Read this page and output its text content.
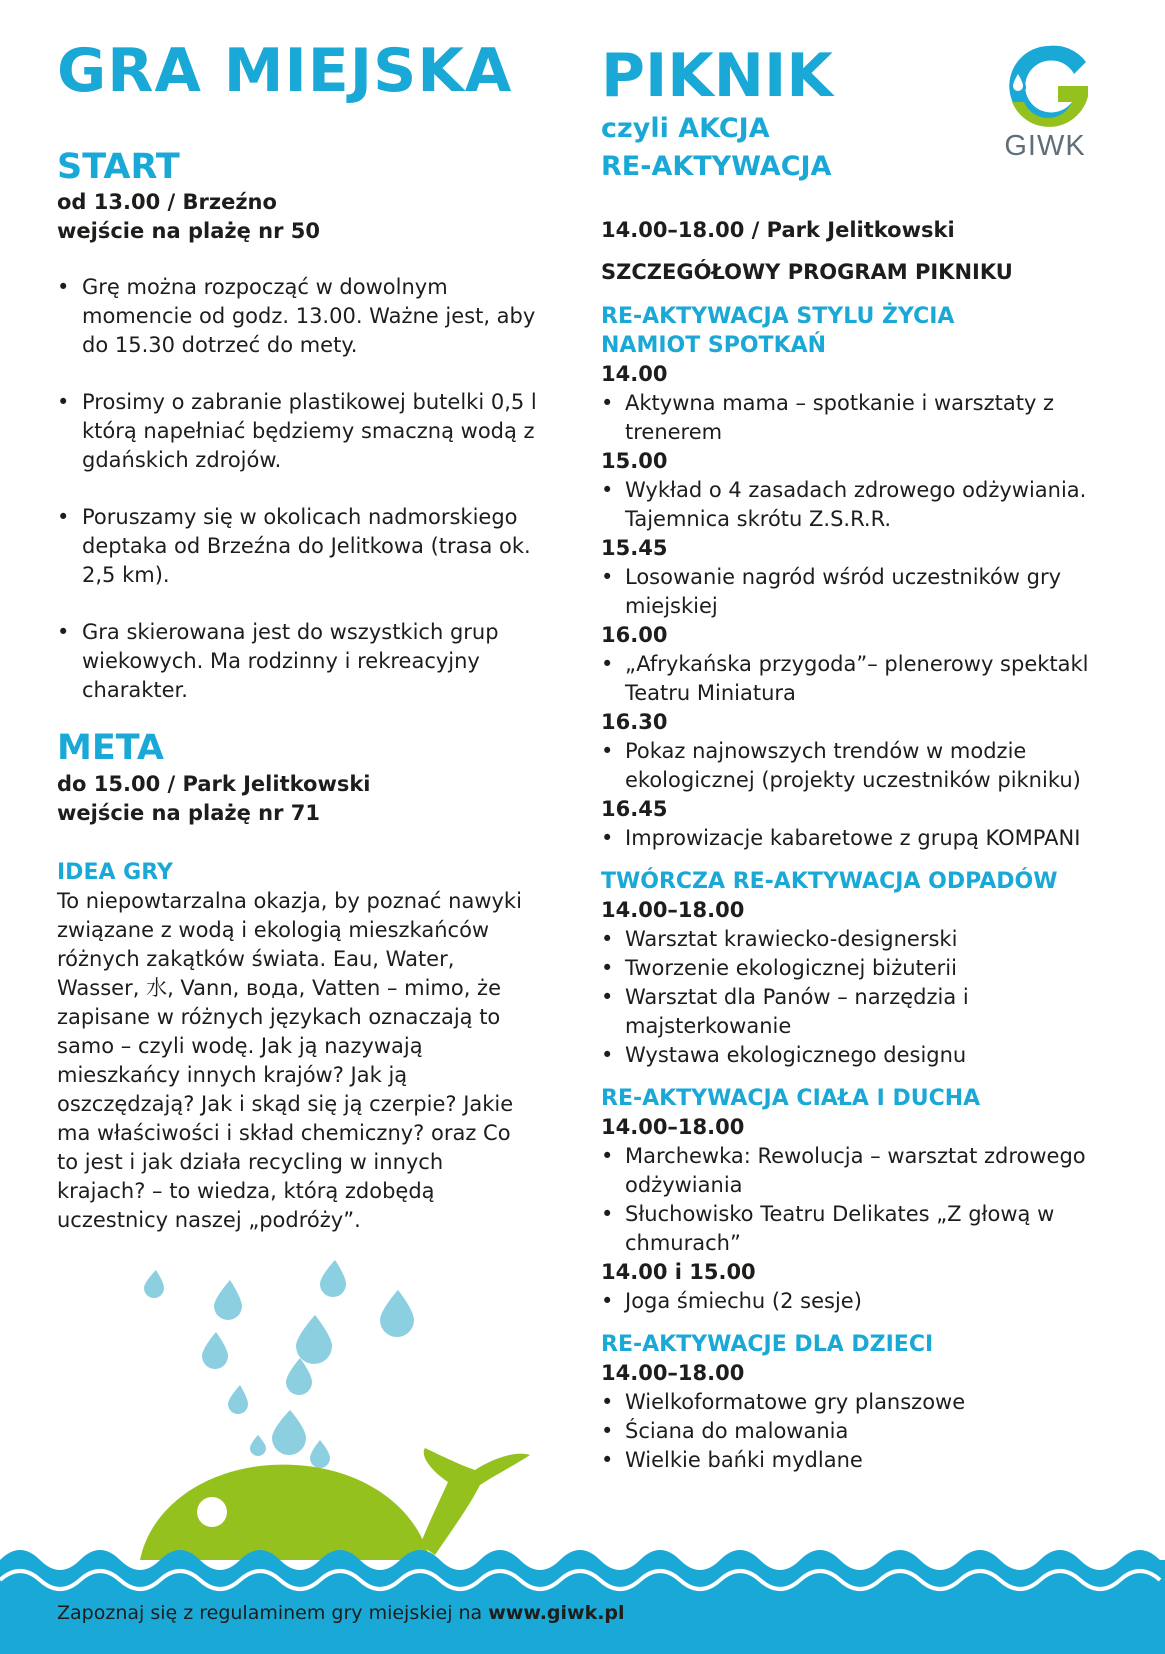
GRA MIEJSKA
START
od 13.00 / Brzeźno
wejście na plażę nr 50
• Grę można rozpocząć w dowolnym momencie od godz. 13.00. Ważne jest, aby do 15.30 dotrzeć do mety.
• Prosimy o zabranie plastikowej butelki 0,5 l którą napełniać będziemy smaczną wodą z gdańskich zdrojów.
• Poruszamy się w okolicach nadmorskiego deptaka od Brzeźna do Jelitkowa (trasa ok. 2,5 km).
• Gra skierowana jest do wszystkich grup wiekowych. Ma rodzinny i rekreacyjny charakter.
META
do 15.00 / Park Jelitkowski
wejście na plażę nr 71
IDEA GRY

To niepowtarzalna okazja, by poznać nawyki związane z wodą i ekologią mieszkańców różnych zakątków świata. Eau, Water, Wasser, 水, Vann, вода, Vatten – mimo, że zapisane w różnych językach oznaczają to samo – czyli wodę. Jak ją nazywają mieszkańcy innych krajów? Jak ją oszczędzają? Jak i skąd się ją czerpie? Jakie ma właściwości i skład chemiczny? oraz Co to jest i jak działa recycling w innych krajach? – to wiedza, którą zdobędą uczestnicy naszej „podróży”.

PIKNIK
czyli AKCJA
RE-AKTYWACJA
14.00–18.00 / Park Jelitkowski
SZCZEGÓŁOWY PROGRAM PIKNIKU
RE-AKTYWACJA STYLU ŻYCIA
NAMIOT SPOTKAŃ
14.00
• Aktywna mama – spotkanie i warsztaty z trenerem
15.00
• Wykład o 4 zasadach zdrowego odżywiania. Tajemnica skrótu Z.S.R.R.
15.45
• Losowanie nagród wśród uczestników gry miejskiej
16.00
• „Afrykańska przygoda”– plenerowy spektakl Teatru Miniatura
16.30
• Pokaz najnowszych trendów w modzie ekologicznej (projekty uczestników pikniku)
16.45
• Improwizacje kabaretowe z grupą KOMPANI
TWÓRCZA RE-AKTYWACJA ODPADÓW
14.00–18.00
• Warsztat krawiecko-designerski
• Tworzenie ekologicznej biżuterii
• Warsztat dla Panów – narzędzia i majsterkowanie
• Wystawa ekologicznego designu
RE-AKTYWACJA CIAŁA I DUCHA
14.00–18.00
• Marchewka: Rewolucja – warsztat zdrowego odżywiania
• Słuchowisko Teatru Delikates „Z głową w chmurach”
14.00 i 15.00
• Joga śmiechu (2 sesje)
RE-AKTYWACJE DLA DZIECI
14.00–18.00
• Wielkoformatowe gry planszowe
• Ściana do malowania
• Wielkie bańki mydlane
GIWK
Zapoznaj się z regulaminem gry miejskiej na www.giwk.pl
